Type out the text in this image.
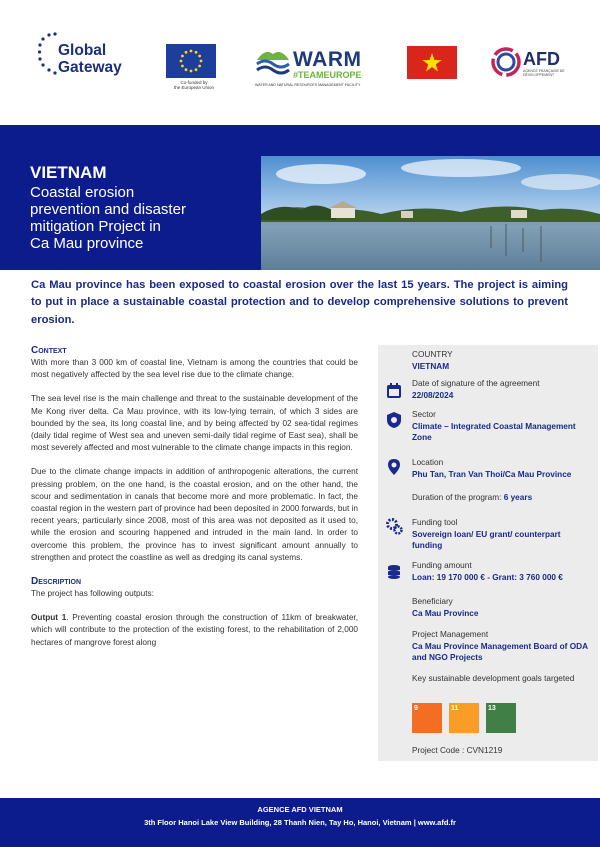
Global
Gateway
Co-funded by
the European Union
WARM
#TEAMEUROPE
WATER AND NATURAL RESOURCES MANAGEMENT FACILITY
AFD
AGENCE FRANÇAISE DE DÉVELOPPEMENT
VIETNAM
Coastal erosion
prevention and disaster
mitigation Project in
Ca Mau province
Ca Mau province has been exposed to coastal erosion over the last 15 years. The project is aiming to put in place a sustainable coastal protection and to develop comprehensive solutions to prevent erosion.
Context

With more than 3 000 km of coastal line, Vietnam is among the countries that could be most negatively affected by the sea level rise due to the climate change.

The sea level rise is the main challenge and threat to the sustainable development of the Me Kong river delta. Ca Mau province, with its low-lying terrain, of which 3 sides are bounded by the sea, its long coastal line, and by being affected by 02 sea-tidal regimes (daily tidal regime of West sea and uneven semi-daily tidal regime of East sea), shall be most severely affected and most vulnerable to the climate change impacts in this region.

Due to the climate change impacts in addition of anthropogenic alterations, the current pressing problem, on the one hand, is the coastal erosion, and on the other hand, the scour and sedimentation in canals that become more and more problematic. In fact, the coastal region in the western part of province had been deposited in 2000 forwards, but in recent years, particularly since 2008, most of this area was not deposited as it used to, while the erosion and scouring happened and intruded in the main land. In order to overcome this problem, the province has to invest significant amount annually to strengthen and protect the coastline as well as dredging its canal systems.

Description

The project has following outputs:

Output 1. Preventing coastal erosion through the construction of 11km of breakwater, which will contribute to the protection of the existing forest, to the rehabilitation of 2,000 hectares of mangrove forest along

COUNTRY
VIETNAM
Date of signature of the agreement
22/08/2024
Sector
Climate – Integrated Coastal Management Zone
Location
Phu Tan, Tran Van Thoi/Ca Mau Province
Duration of the program: 6 years
Funding tool
Sovereign loan/ EU grant/ counterpart funding
Funding amount
Loan: 19 170 000 € - Grant: 3 760 000 €
Beneficiary
Ca Mau Province
Project Management
Ca Mau Province Management Board of ODA and NGO Projects
Key sustainable development goals targeted
Project Code : CVN1219
9	11	13
AGENCE AFD VIETNAM
3th Floor Hanoi Lake View Building, 28 Thanh Nien, Tay Ho, Hanoi, Vietnam | www.afd.fr
